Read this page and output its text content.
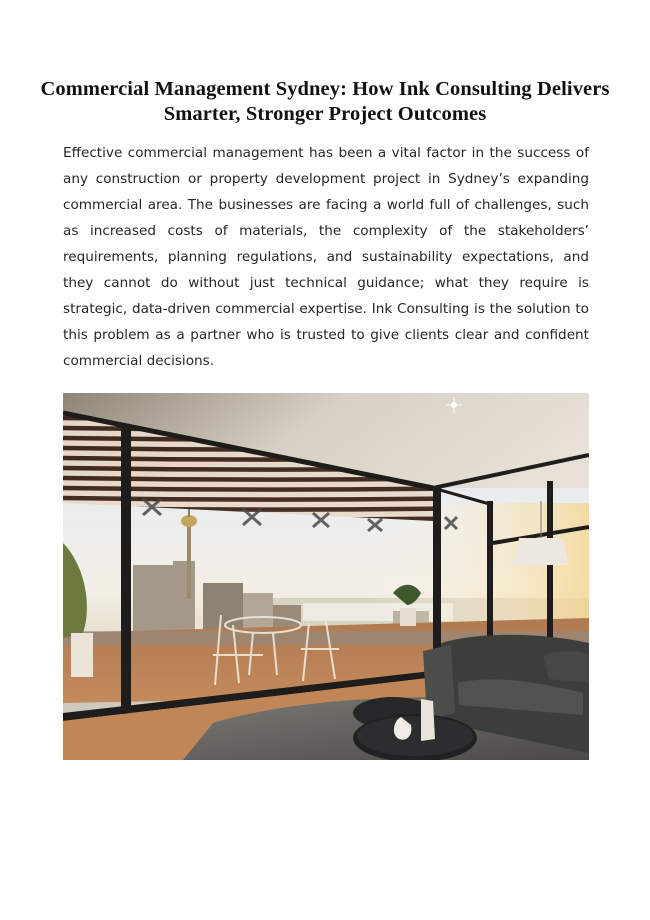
Commercial Management Sydney: How Ink Consulting Delivers Smarter, Stronger Project Outcomes

Effective commercial management has been a vital factor in the success of any construction or property development project in Sydney’s expanding commercial area. The businesses are facing a world full of challenges, such as increased costs of materials, the complexity of the stakeholders’ requirements, planning regulations, and sustainability expectations, and they cannot do without just technical guidance; what they require is strategic, data-driven commercial expertise. Ink Consulting is the solution to this problem as a partner who is trusted to give clients clear and confident commercial decisions.
